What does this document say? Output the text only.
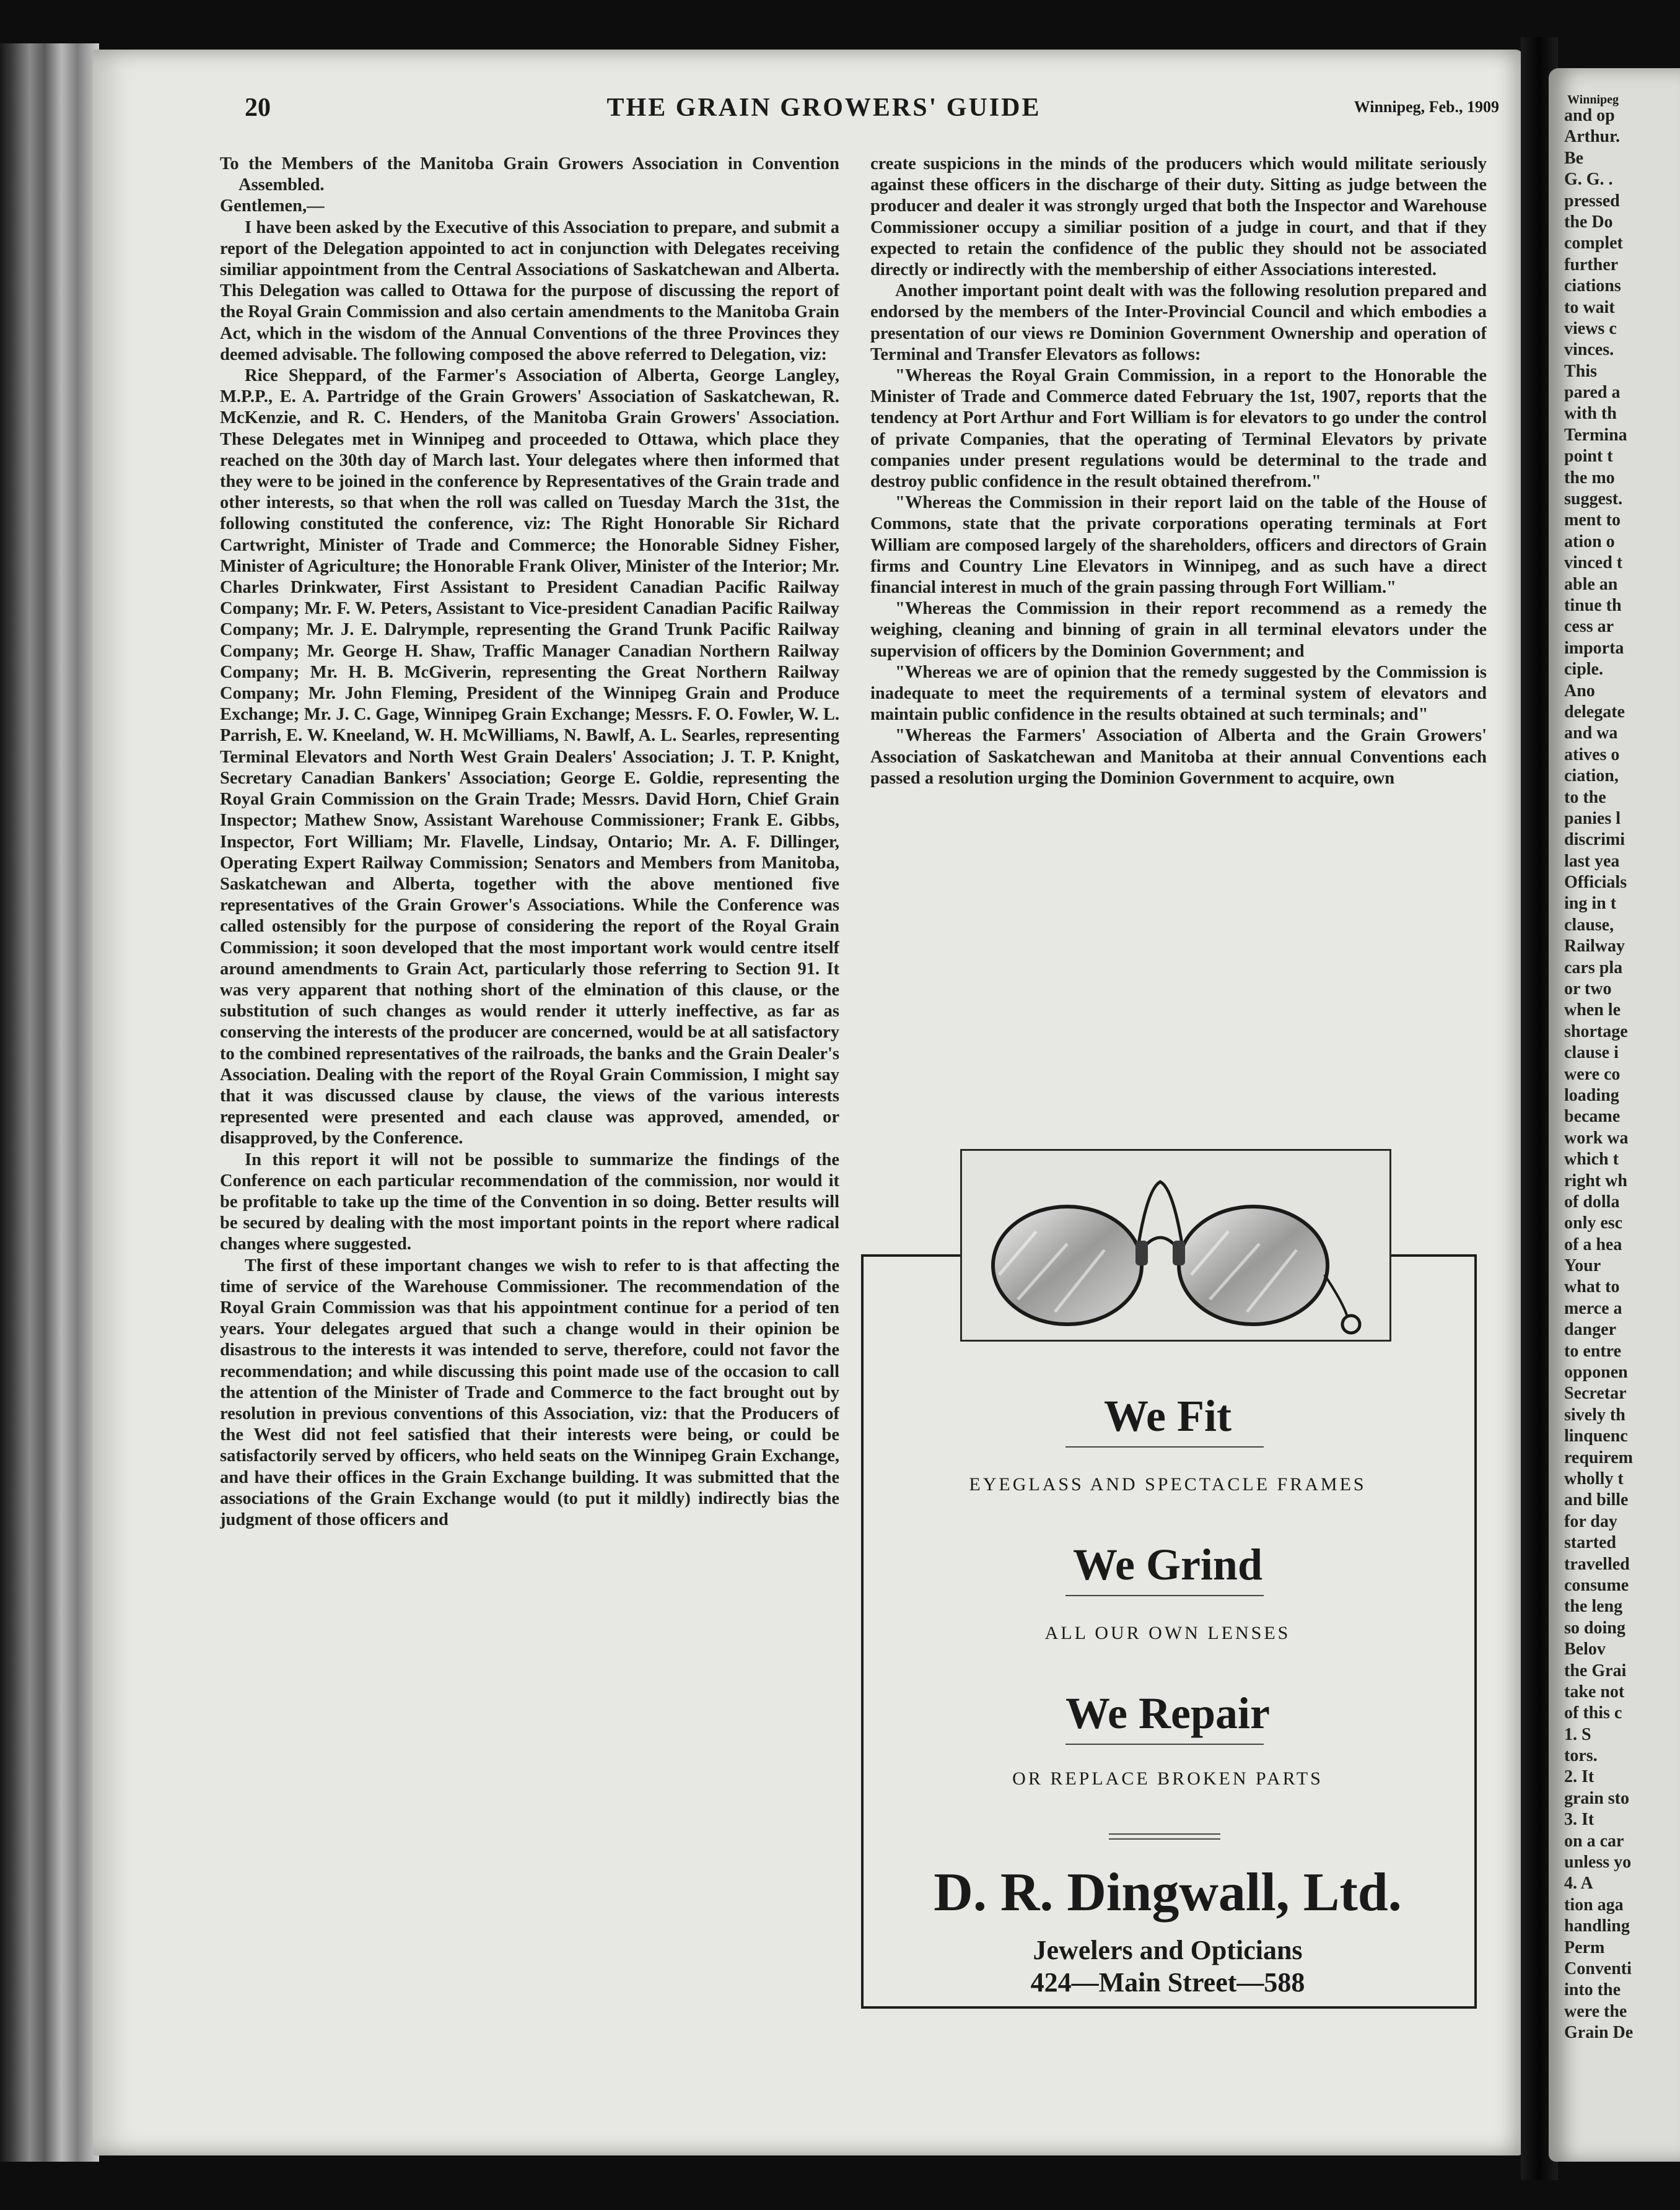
Winnipeg
and op
Arthur.
Be
G. G. .
pressed
the Do
complet
further
ciations
to wait
views c
vinces.
This
pared a
with th
Termina
point t
the mo
suggest.
ment to
ation o
vinced t
able an
tinue th
cess ar
importa
ciple.
Ano
delegate
and wa
atives o
ciation,
to the
panies l
discrimi
last yea
Officials
ing in t
clause,
Railway
cars pla
or two
when le
shortage
clause i
were co
loading
became
work wa
which t
right wh
of dolla
only esc
of a hea
Your
what to
merce a
danger
to entre
opponen
Secretar
sively th
linquenc
requirem
wholly t
and bille
for day
started
travelled
consume
the leng
so doing
Belov
the Grai
take not
of this c
1. S
tors.
2. It
grain sto
3. It
on a car
unless yo
4. A
tion aga
handling
Perm
Conventi
into the
were the
Grain De
20	THE GRAIN GROWERS' GUIDE	Winnipeg, Feb., 1909

To the Members of the Manitoba Grain Growers Association in Convention Assembled.

Gentlemen,—

I have been asked by the Executive of this Association to prepare, and submit a report of the Delegation appointed to act in conjunction with Delegates receiving similiar appointment from the Central Associations of Saskatchewan and Alberta. This Delegation was called to Ottawa for the purpose of discussing the report of the Royal Grain Commission and also certain amendments to the Manitoba Grain Act, which in the wisdom of the Annual Conventions of the three Provinces they deemed advisable. The following composed the above referred to Delegation, viz:

Rice Sheppard, of the Farmer's Association of Alberta, George Langley, M.P.P., E. A. Partridge of the Grain Growers' Association of Saskatchewan, R. McKenzie, and R. C. Henders, of the Manitoba Grain Growers' Association. These Delegates met in Winnipeg and proceeded to Ottawa, which place they reached on the 30th day of March last. Your delegates where then informed that they were to be joined in the conference by Representatives of the Grain trade and other interests, so that when the roll was called on Tuesday March the 31st, the following constituted the conference, viz: The Right Honorable Sir Richard Cartwright, Minister of Trade and Commerce; the Honorable Sidney Fisher, Minister of Agriculture; the Honorable Frank Oliver, Minister of the Interior; Mr. Charles Drinkwater, First Assistant to President Canadian Pacific Railway Company; Mr. F. W. Peters, Assistant to Vice-president Canadian Pacific Railway Company; Mr. J. E. Dalrymple, representing the Grand Trunk Pacific Railway Company; Mr. George H. Shaw, Traffic Manager Canadian Northern Railway Company; Mr. H. B. McGiverin, representing the Great Northern Railway Company; Mr. John Fleming, President of the Winnipeg Grain and Produce Exchange; Mr. J. C. Gage, Winnipeg Grain Exchange; Messrs. F. O. Fowler, W. L. Parrish, E. W. Kneeland, W. H. McWilliams, N. Bawlf, A. L. Searles, representing Terminal Elevators and North West Grain Dealers' Association; J. T. P. Knight, Secretary Canadian Bankers' Association; George E. Goldie, representing the Royal Grain Commission on the Grain Trade; Messrs. David Horn, Chief Grain Inspector; Mathew Snow, Assistant Warehouse Commissioner; Frank E. Gibbs, Inspector, Fort William; Mr. Flavelle, Lindsay, Ontario; Mr. A. F. Dillinger, Operating Expert Railway Commission; Senators and Members from Manitoba, Saskatchewan and Alberta, together with the above mentioned five representatives of the Grain Grower's Associations. While the Conference was called ostensibly for the purpose of considering the report of the Royal Grain Commission; it soon developed that the most important work would centre itself around amendments to Grain Act, particularly those referring to Section 91. It was very apparent that nothing short of the elmination of this clause, or the substitution of such changes as would render it utterly ineffective, as far as conserving the interests of the producer are concerned, would be at all satisfactory to the combined representatives of the railroads, the banks and the Grain Dealer's Association. Dealing with the report of the Royal Grain Commission, I might say that it was discussed clause by clause, the views of the various interests represented were presented and each clause was approved, amended, or disapproved, by the Conference.

In this report it will not be possible to summarize the findings of the Conference on each particular recommendation of the commission, nor would it be profitable to take up the time of the Convention in so doing. Better results will be secured by dealing with the most important points in the report where radical changes where suggested.

The first of these important changes we wish to refer to is that affecting the time of service of the Warehouse Commissioner. The recommendation of the Royal Grain Commission was that his appointment continue for a period of ten years. Your delegates argued that such a change would in their opinion be disastrous to the interests it was intended to serve, therefore, could not favor the recommendation; and while discussing this point made use of the occasion to call the attention of the Minister of Trade and Commerce to the fact brought out by resolution in previous conventions of this Association, viz: that the Producers of the West did not feel satisfied that their interests were being, or could be satisfactorily served by officers, who held seats on the Winnipeg Grain Exchange, and have their offices in the Grain Exchange building. It was submitted that the associations of the Grain Exchange would (to put it mildly) indirectly bias the judgment of those officers and

create suspicions in the minds of the producers which would militate seriously against these officers in the discharge of their duty. Sitting as judge between the producer and dealer it was strongly urged that both the Inspector and Warehouse Commissioner occupy a similiar position of a judge in court, and that if they expected to retain the confidence of the public they should not be associated directly or indirectly with the membership of either Associations interested.

Another important point dealt with was the following resolution prepared and endorsed by the members of the Inter-Provincial Council and which embodies a presentation of our views re Dominion Government Ownership and operation of Terminal and Transfer Elevators as follows:

"Whereas the Royal Grain Commission, in a report to the Honorable the Minister of Trade and Commerce dated February the 1st, 1907, reports that the tendency at Port Arthur and Fort William is for elevators to go under the control of private Companies, that the operating of Terminal Elevators by private companies under present regulations would be determinal to the trade and destroy public confidence in the result obtained therefrom."

"Whereas the Commission in their report laid on the table of the House of Commons, state that the private corporations operating terminals at Fort William are composed largely of the shareholders, officers and directors of Grain firms and Country Line Elevators in Winnipeg, and as such have a direct financial interest in much of the grain passing through Fort William."

"Whereas the Commission in their report recommend as a remedy the weighing, cleaning and binning of grain in all terminal elevators under the supervision of officers by the Dominion Government; and

"Whereas we are of opinion that the remedy suggested by the Commission is inadequate to meet the requirements of a terminal system of elevators and maintain public confidence in the results obtained at such terminals; and"

"Whereas the Farmers' Association of Alberta and the Grain Growers' Association of Saskatchewan and Manitoba at their annual Conventions each passed a resolution urging the Dominion Government to acquire, own

We Fit
EYEGLASS AND SPECTACLE FRAMES
We Grind
ALL OUR OWN LENSES
We Repair
OR REPLACE BROKEN PARTS
D. R. Dingwall, Ltd.
Jewelers and Opticians
424—Main Street—588
